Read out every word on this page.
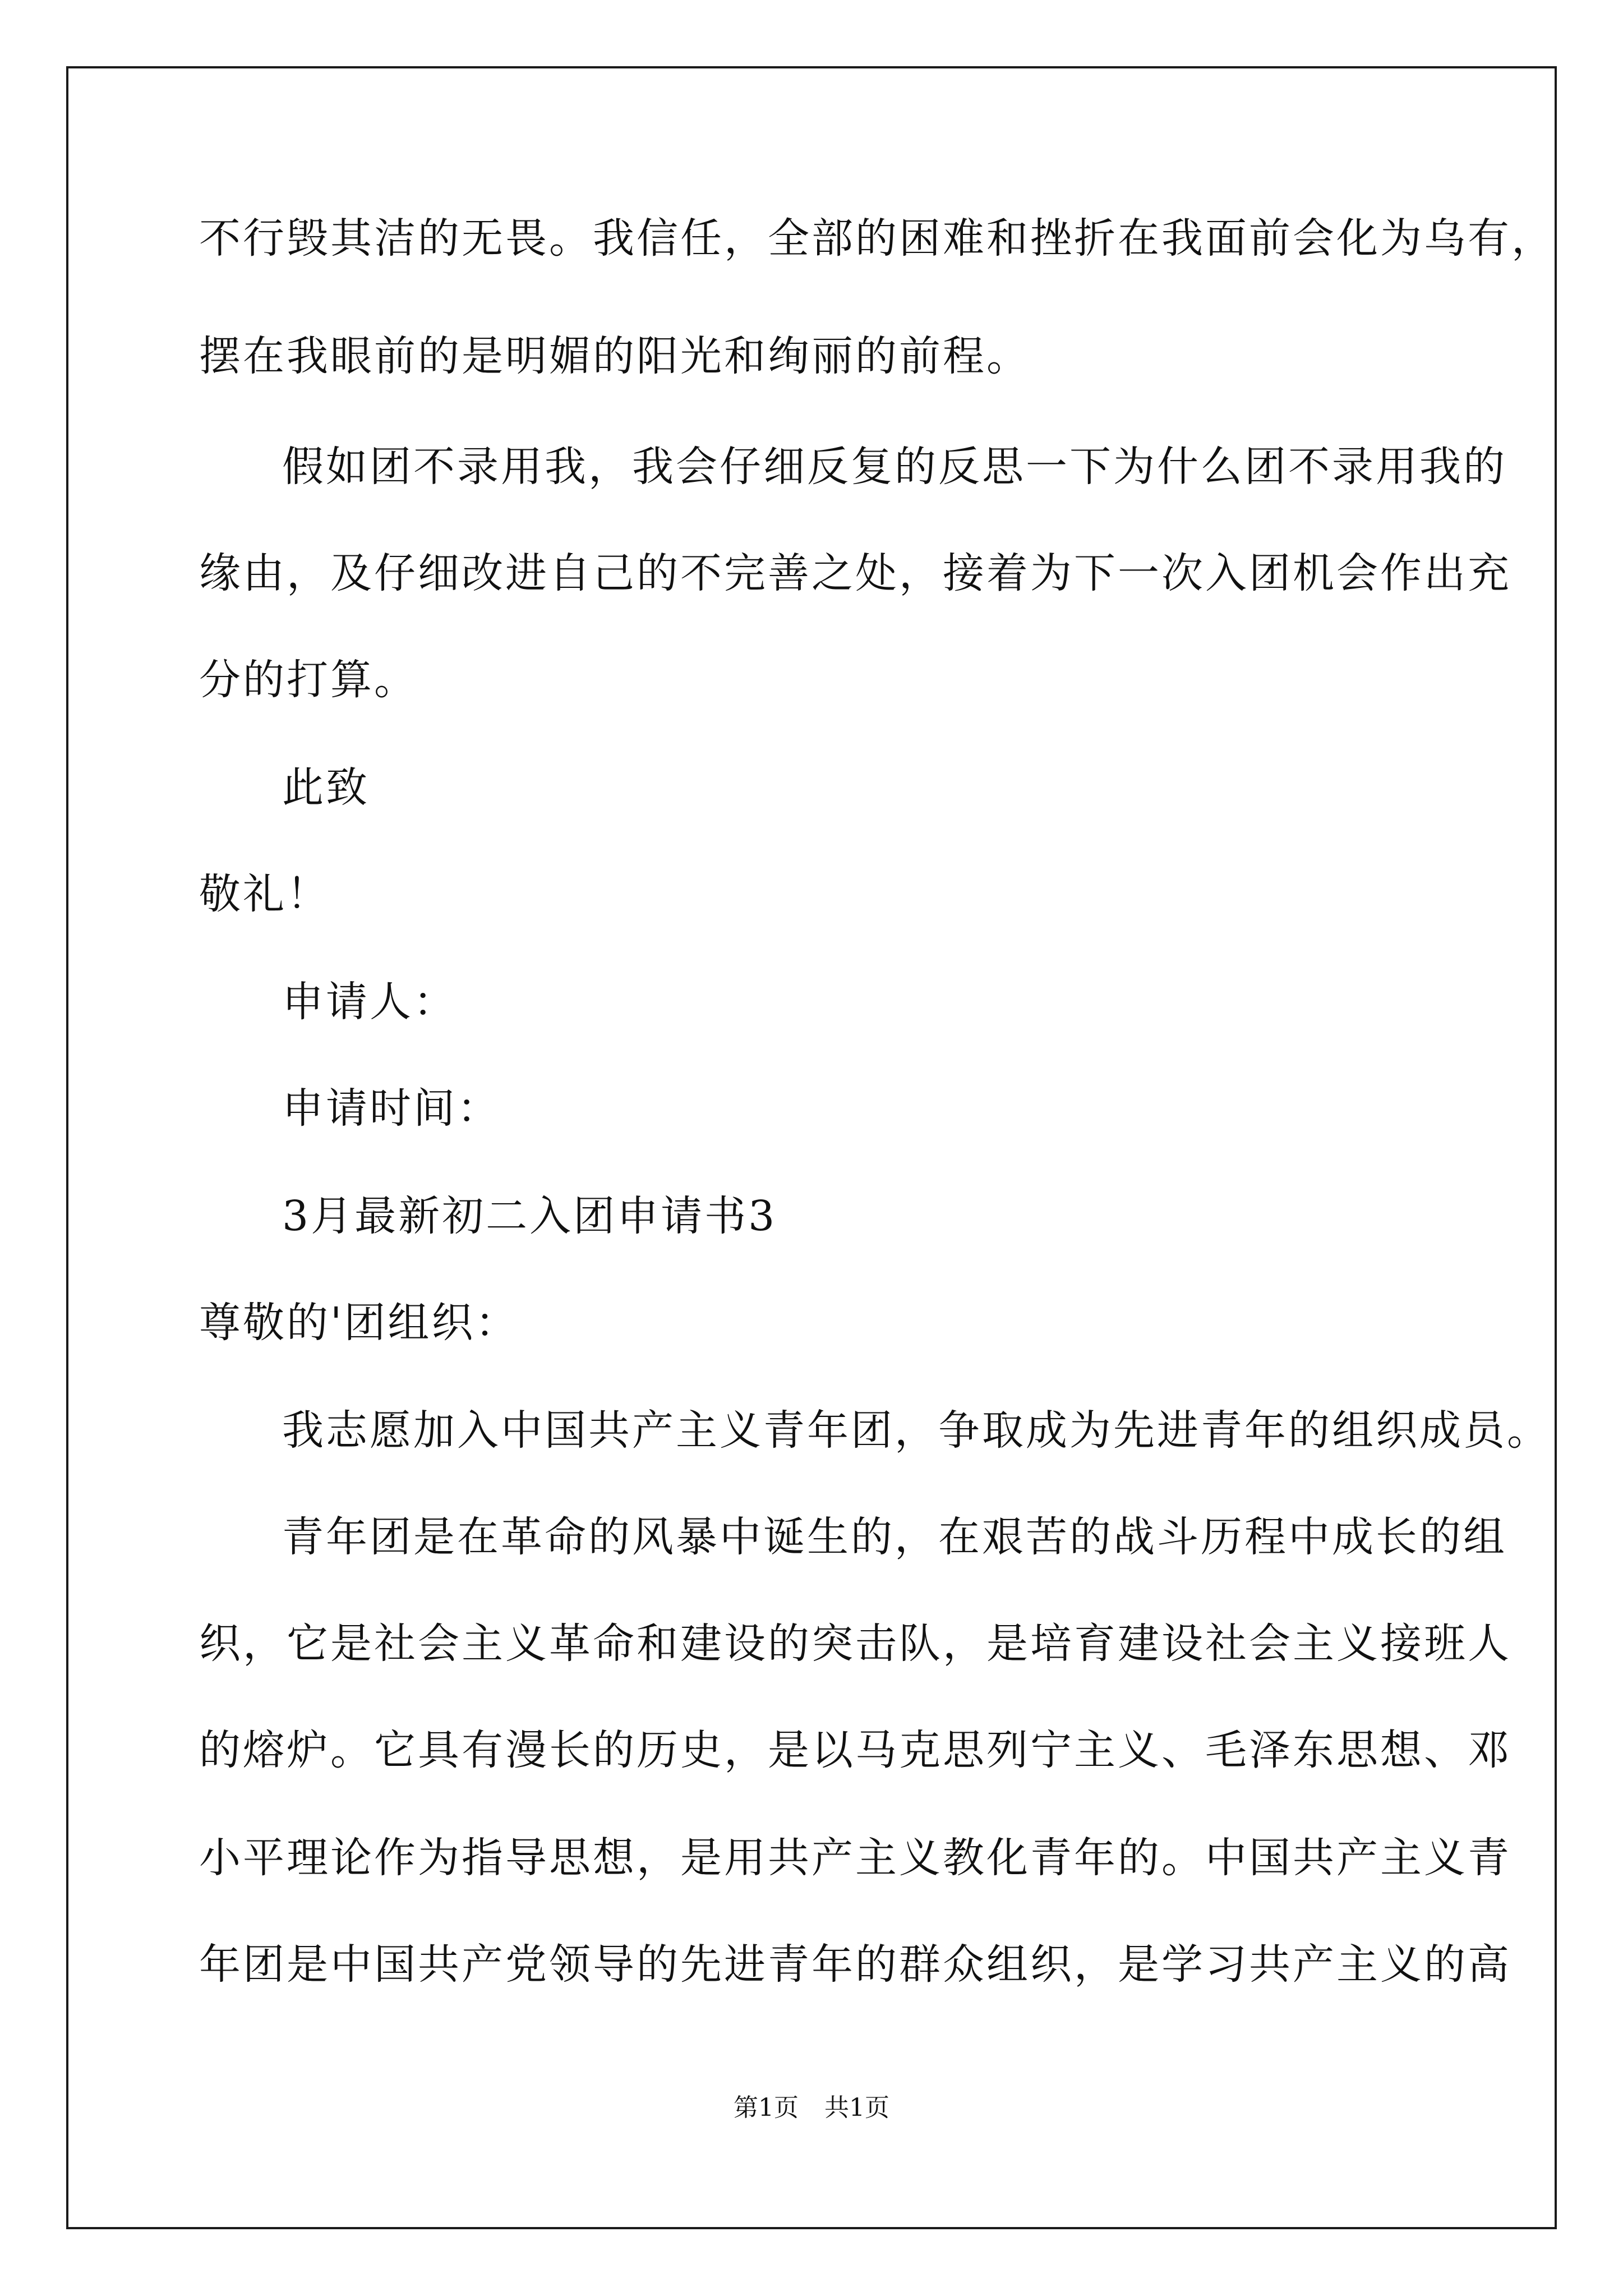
不行毁其洁的无畏。我信任，全部的困难和挫折在我面前会化为乌有，
摆在我眼前的是明媚的阳光和绚丽的前程。
假如团不录用我，我会仔细反复的反思一下为什么团不录用我的
缘由，及仔细改进自己的不完善之处，接着为下一次入团机会作出充
分的打算。
此致
敬礼！
申请人：
申请时间：
3月最新初二入团申请书3
尊敬的'团组织：
我志愿加入中国共产主义青年团，争取成为先进青年的组织成员。
青年团是在革命的风暴中诞生的，在艰苦的战斗历程中成长的组
织，它是社会主义革命和建设的突击队，是培育建设社会主义接班人
的熔炉。它具有漫长的历史，是以马克思列宁主义、毛泽东思想、邓
小平理论作为指导思想，是用共产主义教化青年的。中国共产主义青
年团是中国共产党领导的先进青年的群众组织，是学习共产主义的高
第1页 共1页
